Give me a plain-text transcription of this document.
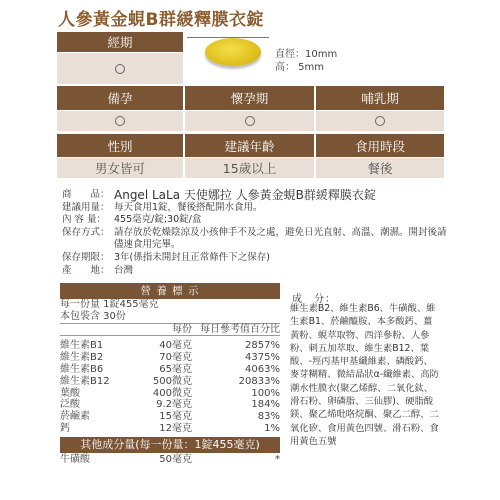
人參黃金蜆B群緩釋膜衣錠
經期
直徑：10mm
高： 5mm
備孕	懷孕期	哺乳期
性別	建議年齡	食用時段
男女皆可	15歲以上	餐後
商　　品： Angel LaLa 天使娜拉 人參黃金蜆B群緩釋膜衣錠
建議用量： 每天食用1錠，餐後搭配開水食用。
內 容 量： 455毫克/錠;30錠/盒
保存方式： 請存放於乾燥陰涼及小孩伸手不及之處，避免日光直射、高溫、潮濕。開封後請儘速食用完畢。
保存期限： 3年(係指未開封且正常條件下之保存)
產　　地： 台灣
營 養 標 示
每一份量 1錠455毫克
本包裝含 30份
每份 每日參考值百分比
維生素B1	40毫克	2857%
維生素B2	70毫克	4375%
維生素B6	65毫克	4063%
維生素B12	500微克	20833%
葉酸	400微克	100%
泛酸	9.2毫克	184%
菸鹼素	15毫克	83%
鈣	12毫克	1%
其他成分量(每一份量：1錠455毫克)
牛磺酸	50毫克	*
成　分：
維生素B2、維生素B6、牛磺酸、維生素B1、菸鹼醯胺、本多酸鈣、薑黃粉、蜆萃取物、西洋參粉、人參粉、刺五加萃取、維生素B12、葉酸、-羥丙基甲基纖維素、磷酸鈣、麥芽糊精、微結晶狀α-纖維素、高防潮水性膜衣(聚乙烯醇、二氧化鈦、滑石粉、卵磷脂、三仙膠)、硬脂酸鎂、聚乙烯吡咯烷酮、聚乙二醇、二氧化矽、食用黃色四號、滑石粉、食用黃色五號
